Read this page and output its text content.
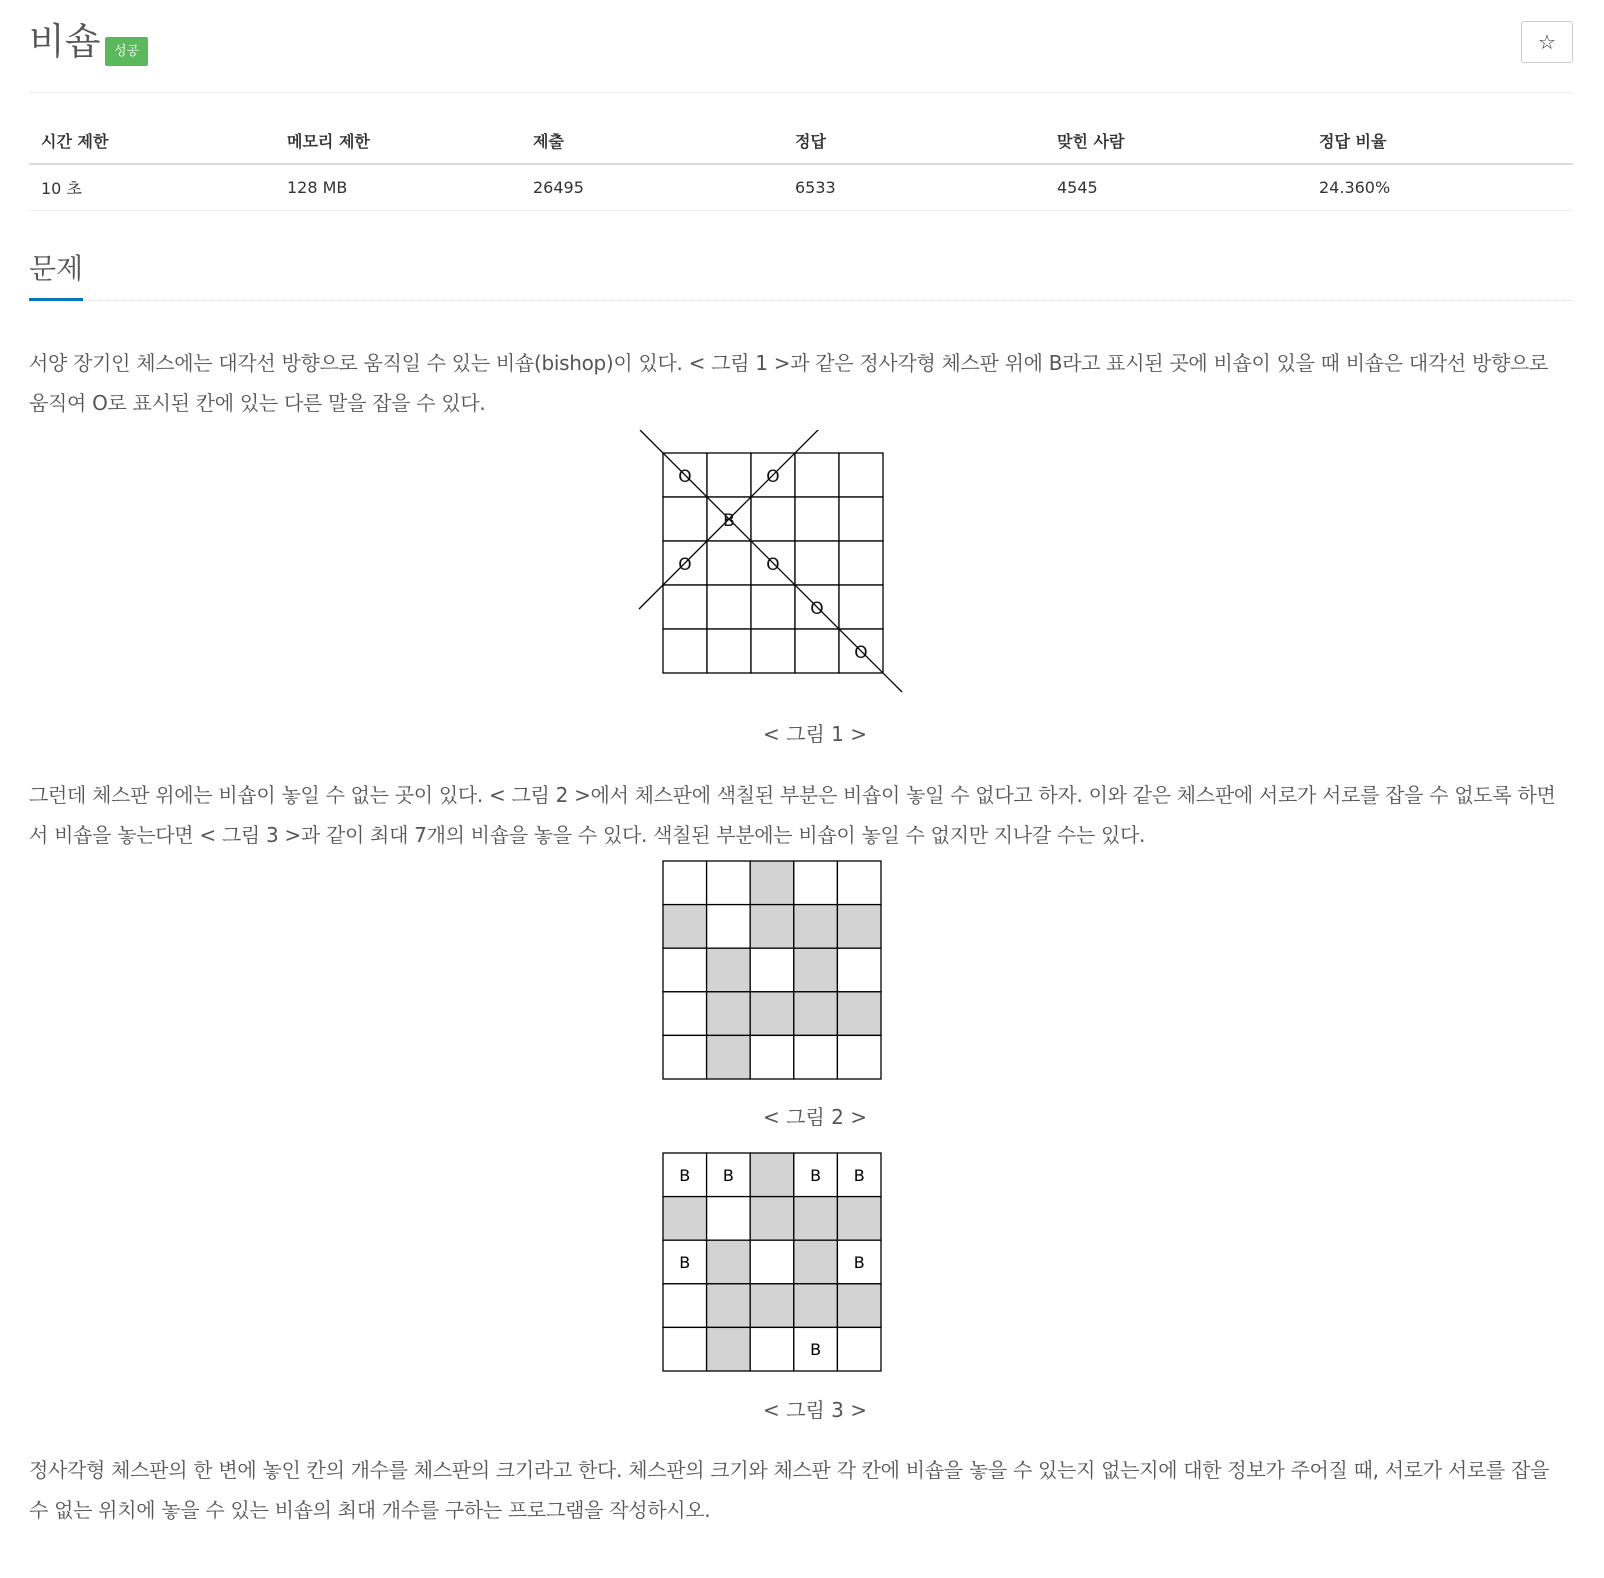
비숍	성공	☆
시간 제한	메모리 제한	제출	정답	맞힌 사람	정답 비율
10 초	128 MB	26495	6533	4545	24.360%
문제

서양 장기인 체스에는 대각선 방향으로 움직일 수 있는 비숍(bishop)이 있다. < 그림 1 >과 같은 정사각형 체스판 위에 B라고 표시된 곳에 비숍이 있을 때 비숍은 대각선 방향으로 움직여 O로 표시된 칸에 있는 다른 말을 잡을 수 있다.

O	O
B
O	O
O
O
< 그림 1 >

그런데 체스판 위에는 비숍이 놓일 수 없는 곳이 있다. < 그림 2 >에서 체스판에 색칠된 부분은 비숍이 놓일 수 없다고 하자. 이와 같은 체스판에 서로가 서로를 잡을 수 없도록 하면서 비숍을 놓는다면 < 그림 3 >과 같이 최대 7개의 비숍을 놓을 수 있다. 색칠된 부분에는 비숍이 놓일 수 없지만 지나갈 수는 있다.

< 그림 2 >
B B	B B
B	B
B
< 그림 3 >

정사각형 체스판의 한 변에 놓인 칸의 개수를 체스판의 크기라고 한다. 체스판의 크기와 체스판 각 칸에 비숍을 놓을 수 있는지 없는지에 대한 정보가 주어질 때, 서로가 서로를 잡을 수 없는 위치에 놓을 수 있는 비숍의 최대 개수를 구하는 프로그램을 작성하시오.
